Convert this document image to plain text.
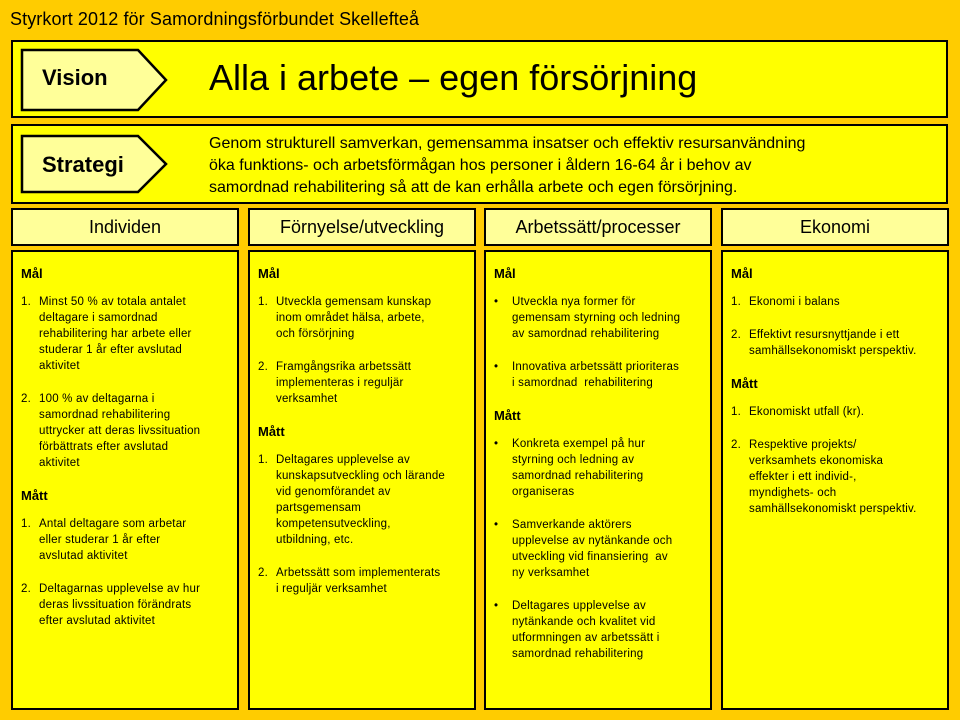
Styrkort 2012 för Samordningsförbundet Skellefteå
Vision	Alla i arbete – egen försörjning
Strategi
Genom strukturell samverkan, gemensamma insatser och effektiv resursanvändning
öka funktions- och arbetsförmågan hos personer i åldern 16-64 år i behov av
samordnad rehabilitering så att de kan erhålla arbete och egen försörjning.
Individen
Mål
1. Minst 50 % av totala antalet
deltagare i samordnad
rehabilitering har arbete eller
studerar 1 år efter avslutad
aktivitet
2. 100 % av deltagarna i
samordnad rehabilitering
uttrycker att deras livssituation
förbättrats efter avslutad
aktivitet
Mått
1. Antal deltagare som arbetar
eller studerar 1 år efter
avslutad aktivitet
2. Deltagarnas upplevelse av hur
deras livssituation förändrats
efter avslutad aktivitet
Förnyelse/utveckling
Mål
1. Utveckla gemensam kunskap
inom området hälsa, arbete,
och försörjning
2. Framgångsrika arbetssätt
implementeras i reguljär
verksamhet
Mått
1. Deltagares upplevelse av
kunskapsutveckling och lärande
vid genomförandet av
partsgemensam
kompetensutveckling,
utbildning, etc.
2. Arbetssätt som implementerats
i reguljär verksamhet
Arbetssätt/processer
Mål
• Utveckla nya former för
gemensam styrning och ledning
av samordnad rehabilitering
• Innovativa arbetssätt prioriteras
i samordnad  rehabilitering
Mått
• Konkreta exempel på hur
styrning och ledning av
samordnad rehabilitering
organiseras
• Samverkande aktörers
upplevelse av nytänkande och
utveckling vid finansiering  av
ny verksamhet
• Deltagares upplevelse av
nytänkande och kvalitet vid
utformningen av arbetssätt i
samordnad rehabilitering
Ekonomi
Mål
1. Ekonomi i balans
2. Effektivt resursnyttjande i ett
samhällsekonomiskt perspektiv.
Mått
1. Ekonomiskt utfall (kr).
2. Respektive projekts/
verksamhets ekonomiska
effekter i ett individ-,
myndighets- och
samhällsekonomiskt perspektiv.
